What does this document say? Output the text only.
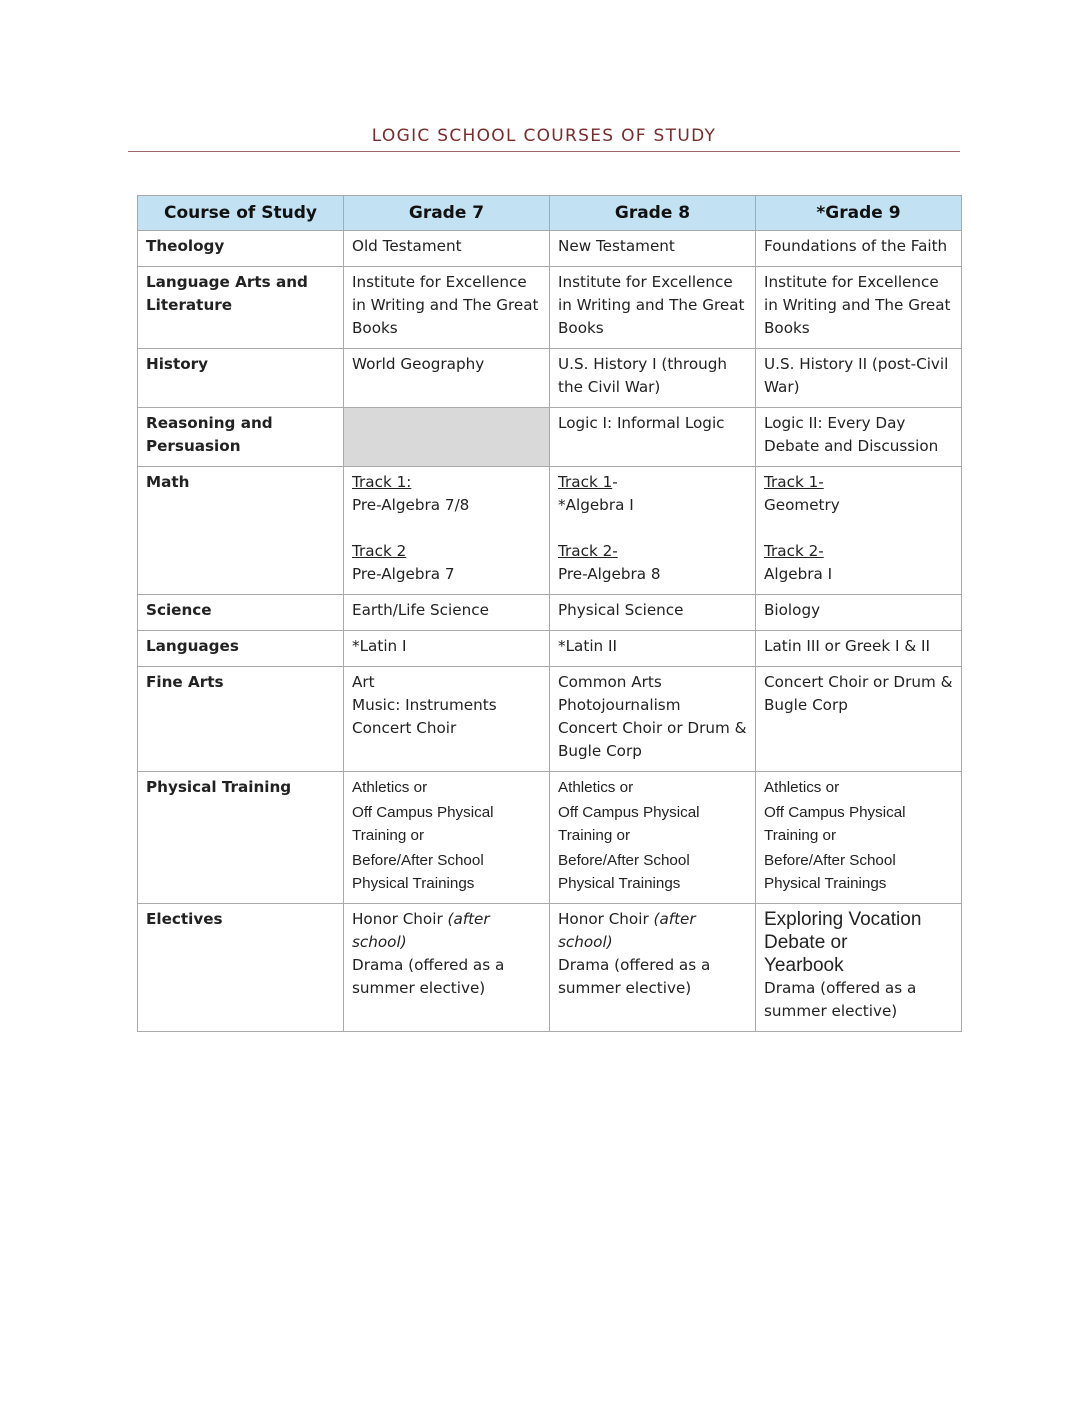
LOGIC SCHOOL COURSES OF STUDY
Course of Study	Grade 7	Grade 8	*Grade 9
Theology	Old Testament	New Testament	Foundations of the Faith
Language Arts and Literature	Institute for Excellence in Writing and The Great Books	Institute for Excellence in Writing and The Great Books	Institute for Excellence in Writing and The Great Books
History	World Geography	U.S. History I (through the Civil War)	U.S. History II (post-Civil War)
Reasoning and Persuasion		Logic I: Informal Logic	Logic II: Every Day Debate and Discussion
Math	Track 1:
Pre-Algebra 7/8
Track 2
Pre-Algebra 7	Track 1-
*Algebra I
Track 2-
Pre-Algebra 8	Track 1-
Geometry
Track 2-
Algebra I

Science	Earth/Life Science	Physical Science	Biology
Languages	*Latin I	*Latin II	Latin III or Greek I & II
Fine Arts	Art
Music: Instruments
Concert Choir	Common Arts
Photojournalism
Concert Choir or Drum & Bugle Corp	Concert Choir or Drum & Bugle Corp

Physical Training	Athletics or
Off Campus Physical Training or
Before/After School Physical Trainings	Athletics or
Off Campus Physical Training or
Before/After School Physical Trainings	Athletics or
Off Campus Physical Training or
Before/After School Physical Trainings

Electives	Honor Choir (after school)
Drama (offered as a summer elective)	Honor Choir (after school)
Drama (offered as a summer elective)	Exploring Vocation
Debate or
Yearbook
Drama (offered as a summer elective)
